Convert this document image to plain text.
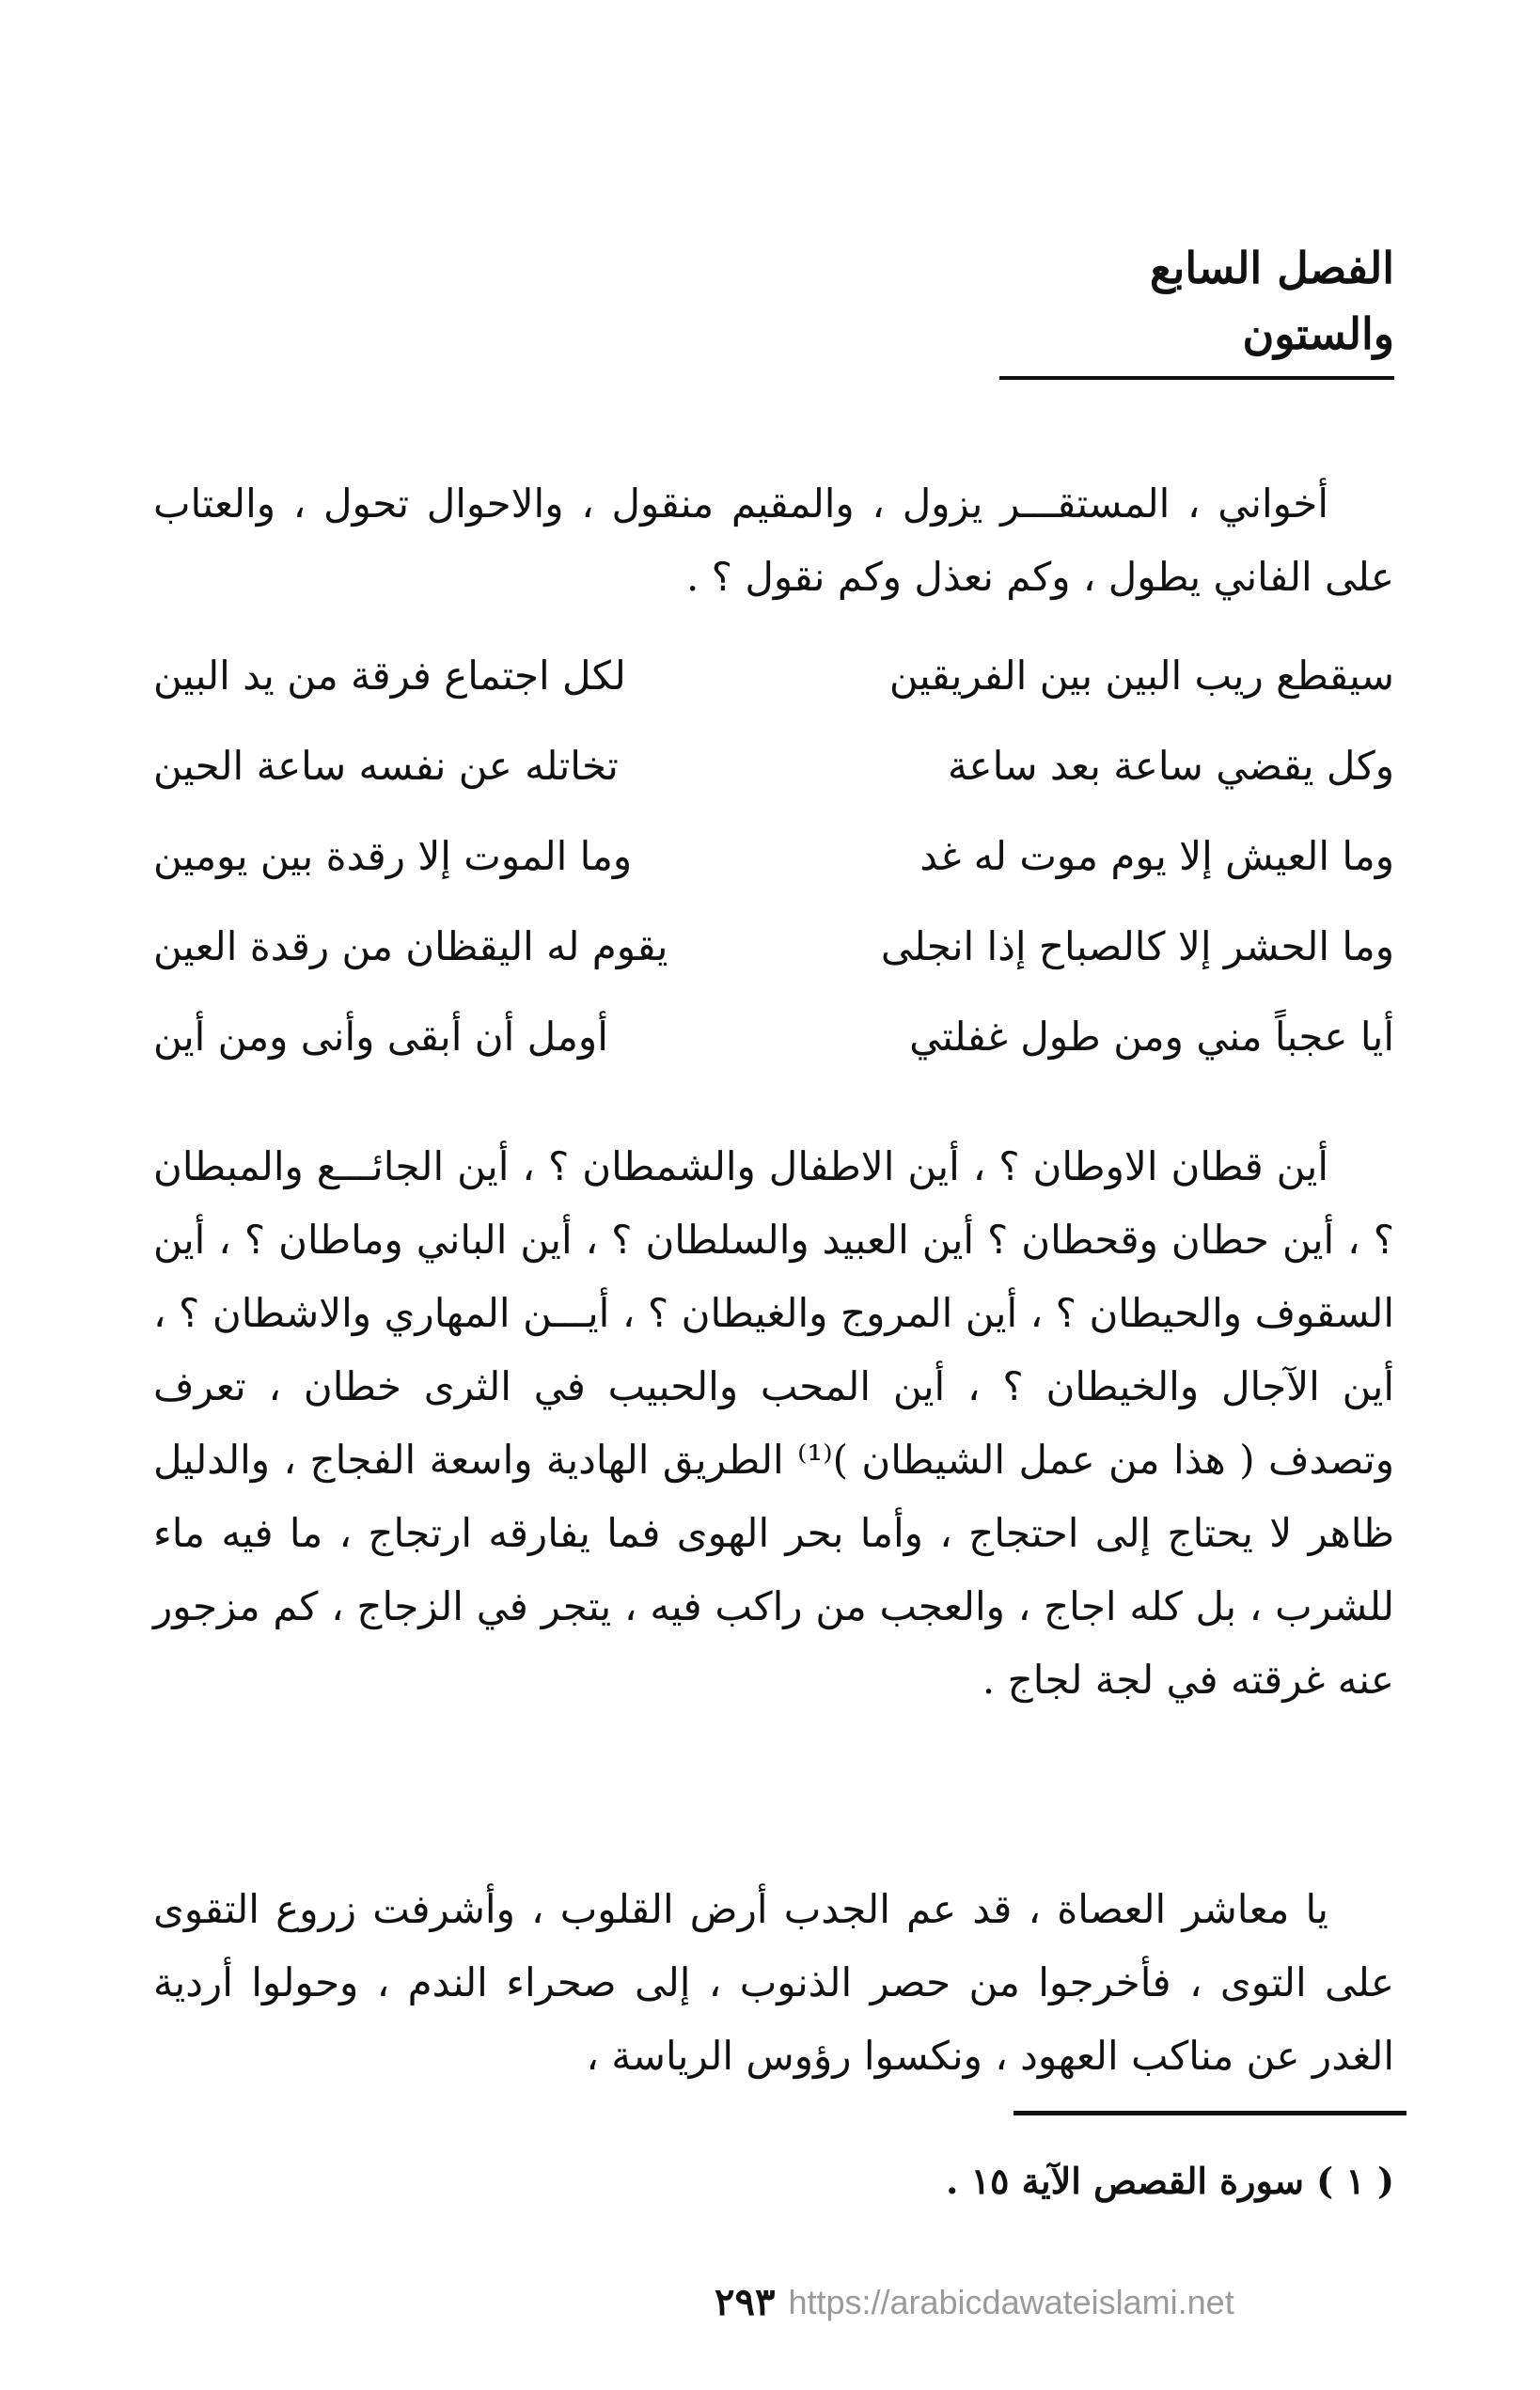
الفصل السابع والستون

أخواني ، المستقـــر يزول ، والمقيم منقول ، والاحوال تحول ، والعتاب على الفاني يطول ، وكم نعذل وكم نقول ؟ .

سيقطع ريب البين بين الفريقين
لكل اجتماع فرقة من يد البين
وكل يقضي ساعة بعد ساعة
تخاتله عن نفسه ساعة الحين
وما العيش إلا يوم موت له غد
وما الموت إلا رقدة بين يومين
وما الحشر إلا كالصباح إذا انجلى
يقوم له اليقظان من رقدة العين
أيا عجباً مني ومن طول غفلتي
أومل أن أبقى وأنى ومن أين

أين قطان الاوطان ؟ ، أين الاطفال والشمطان ؟ ، أين الجائـــع والمبطان ؟ ، أين حطان وقحطان ؟ أين العبيد والسلطان ؟ ، أين الباني وماطان ؟ ، أين السقوف والحيطان ؟ ، أين المروج والغيطان ؟ ، أيـــن المهاري والاشطان ؟ ، أين الآجال والخيطان ؟ ، أين المحب والحبيب في الثرى خطان ، تعرف وتصدف ( هذا من عمل الشيطان )⁽¹⁾ الطريق الهادية واسعة الفجاج ، والدليل ظاهر لا يحتاج إلى احتجاج ، وأما بحر الهوى فما يفارقه ارتجاج ، ما فيه ماء للشرب ، بل كله اجاج ، والعجب من راكب فيه ، يتجر في الزجاج ، كم مزجور عنه غرقته في لجة لجاج .

يا معاشر العصاة ، قد عم الجدب أرض القلوب ، وأشرفت زروع التقوى على التوى ، فأخرجوا من حصر الذنوب ، إلى صحراء الندم ، وحولوا أردية الغدر عن مناكب العهود ، ونكسوا رؤوس الرياسة ،

( ١ ) سورة القصص الآية ١٥ .
٢٩٣ https://arabicdawateislami.net
